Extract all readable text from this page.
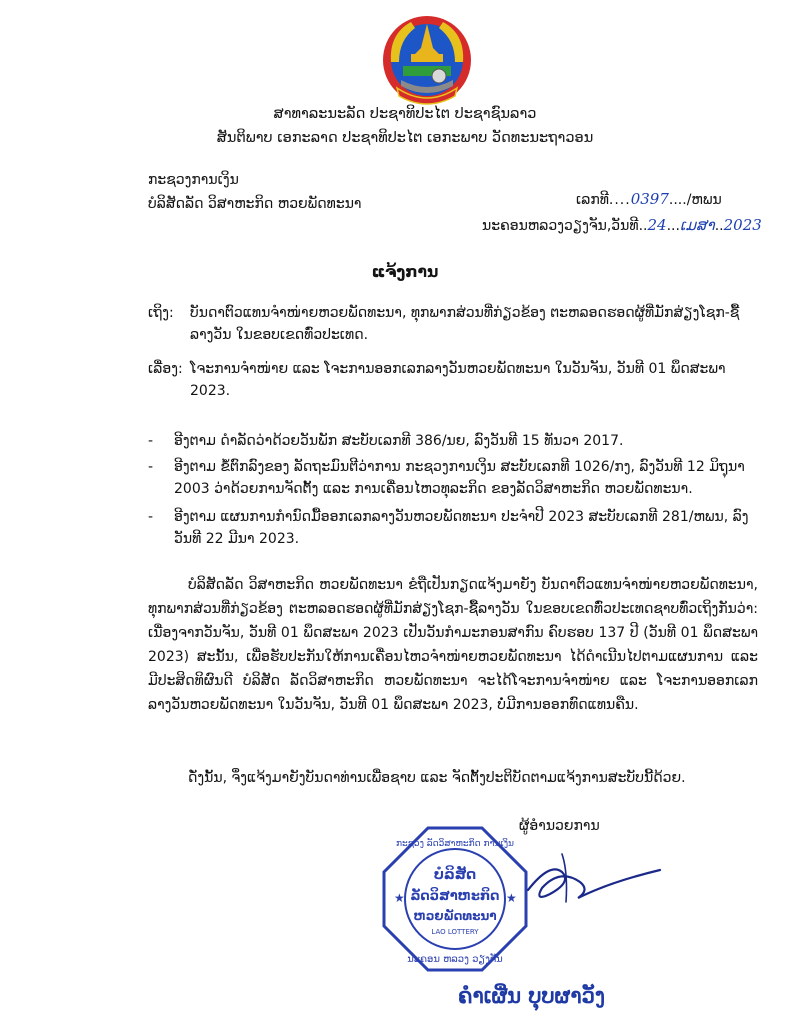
ສາທາລະນະລັດ ປະຊາທິປະໄຕ ປະຊາຊົນລາວ
ສັນຕິພາບ ເອກະລາດ ປະຊາທິປະໄຕ ເອກະພາບ ວັດທະນະຖາວອນ
ກະຊວງການເງິນ
ບໍລິສັດລັດ ວິສາຫະກິດ ຫວຍພັດທະນາ	ເລກທີ....0397..../ຫພນ
ນະຄອນຫລວງວຽງຈັນ,ວັນທີ..24...ເມສາ..2023
ແຈ້ງການ
ເຖິງ: ບັນດາຕົວແທນຈຳໜ່າຍຫວຍພັດທະນາ, ທຸກພາກສ່ວນທີ່ກ່ຽວຂ້ອງ ຕະຫລອດຮອດຜູ້ທີ່ມັກສ່ຽງໂຊກ-ຊື້ ລາງວັນ ໃນຂອບເຂດທົ່ວປະເທດ.
ເລື່ອງ: ໂຈະການຈຳໜ່າຍ ແລະ ໂຈະການອອກເລກລາງວັນຫວຍພັດທະນາ ໃນວັນຈັນ, ວັນທີ 01 ພຶດສະພາ 2023.
- ອີງຕາມ ດຳລັດວ່າດ້ວຍວັນພັກ ສະບັບເລກທີ 386/ນຍ, ລົງວັນທີ 15 ທັນວາ 2017.
- ອີງຕາມ ຂໍ້ຕົກລົງຂອງ ລັດຖະມົນຕີວ່າການ ກະຊວງການເງິນ ສະບັບເລກທີ 1026/ກງ, ລົງວັນທີ 12 ມິຖຸນາ 2003 ວ່າດ້ວຍການຈັດຕັ້ງ ແລະ ການເຄື່ອນໄຫວທຸລະກິດ ຂອງລັດວິສາຫະກິດ ຫວຍພັດທະນາ.
- ອີງຕາມ ແຜນການກຳນົດມື້ອອກເລກລາງວັນຫວຍພັດທະນາ ປະຈຳປີ 2023 ສະບັບເລກທີ 281/ຫພນ, ລົງວັນທີ 22 ມີນາ 2023.
ບໍລິສັດລັດ ວິສາຫະກິດ ຫວຍພັດທະນາ ຂໍຖືເປັນກຽດແຈ້ງມາຍັງ ບັນດາຕົວແທນຈຳໜ່າຍຫວຍພັດທະນາ, ທຸກພາກສ່ວນທີ່ກ່ຽວຂ້ອງ ຕະຫລອດຮອດຜູ້ທີ່ມັກສ່ຽງໂຊກ-ຊື້ລາງວັນ ໃນຂອບເຂດທົ່ວປະເທດຊາບທົ່ວເຖິງກັນວ່າ: ເນື່ອງຈາກວັນຈັນ, ວັນທີ 01 ພຶດສະພາ 2023 ເປັນວັນກຳມະກອນສາກົນ ຄົບຮອບ 137 ປີ (ວັນທີ 01 ພຶດສະພາ 2023) ສະນັ້ນ, ເພື່ອຮັບປະກັນໃຫ້ການເຄື່ອນໄຫວຈຳໜ່າຍຫວຍພັດທະນາ ໄດ້ດຳເນີນໄປຕາມແຜນການ ແລະ ມີປະສິດທິຜົນດີ ບໍລິສັດ ລັດວິສາຫະກິດ ຫວຍພັດທະນາ ຈະໄດ້ໂຈະການຈຳໜ່າຍ ແລະ ໂຈະການອອກເລກລາງວັນຫວຍພັດທະນາ ໃນວັນຈັນ, ວັນທີ 01 ພຶດສະພາ 2023, ບໍ່ມີການອອກທົດແທນຄືນ.
ດັ່ງນັ້ນ, ຈຶ່ງແຈ້ງມາຍັງບັນດາທ່ານເພື່ອຊາບ ແລະ ຈັດຕັ້ງປະຕິບັດຕາມແຈ້ງການສະບັບນີ້ດ້ວຍ.
ຜູ້ອຳນວຍການ
ກະຊວງ ລັດວິສາຫະກິດ ການເງິນ
ນະຄອນ ຫລວງ ວຽງຈັນ
ບໍລິສັດ
ລັດວິສາຫະກິດ
ຫວຍພັດທະນາ
LAO LOTTERY
★	★
ຄຳເຜີ່ນ ບຸບຜາວັງ
